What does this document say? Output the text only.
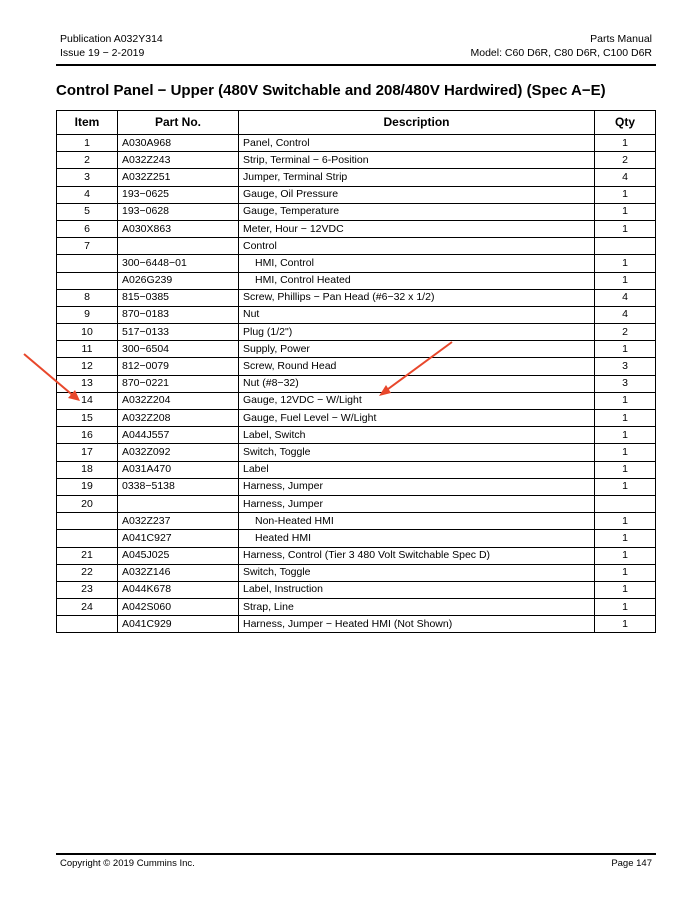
Publication A032Y314
Issue 19 − 2-2019
Parts Manual
Model: C60 D6R, C80 D6R, C100 D6R
Control Panel − Upper (480V Switchable and 208/480V Hardwired) (Spec A−E)
Item	Part No.	Description	Qty
1	A030A968	Panel, Control	1
2	A032Z243	Strip, Terminal − 6-Position	2
3	A032Z251	Jumper, Terminal Strip	4
4	193−0625	Gauge, Oil Pressure	1
5	193−0628	Gauge, Temperature	1
6	A030X863	Meter, Hour − 12VDC	1
7		Control	
	300−6448−01	HMI, Control	1
	A026G239	HMI, Control Heated	1
8	815−0385	Screw, Phillips − Pan Head (#6−32 x 1/2)	4
9	870−0183	Nut	4
10	517−0133	Plug (1/2")	2
11	300−6504	Supply, Power	1
12	812−0079	Screw, Round Head	3
13	870−0221	Nut (#8−32)	3
14	A032Z204	Gauge, 12VDC − W/Light	1
15	A032Z208	Gauge, Fuel Level − W/Light	1
16	A044J557	Label, Switch	1
17	A032Z092	Switch, Toggle	1
18	A031A470	Label	1
19	0338−5138	Harness, Jumper	1
20		Harness, Jumper	
	A032Z237	Non-Heated HMI	1
	A041C927	Heated HMI	1
21	A045J025	Harness, Control (Tier 3 480 Volt Switchable Spec D)	1
22	A032Z146	Switch, Toggle	1
23	A044K678	Label, Instruction	1
24	A042S060	Strap, Line	1
	A041C929	Harness, Jumper − Heated HMI (Not Shown)	1
Copyright © 2019 Cummins Inc.	Page 147
